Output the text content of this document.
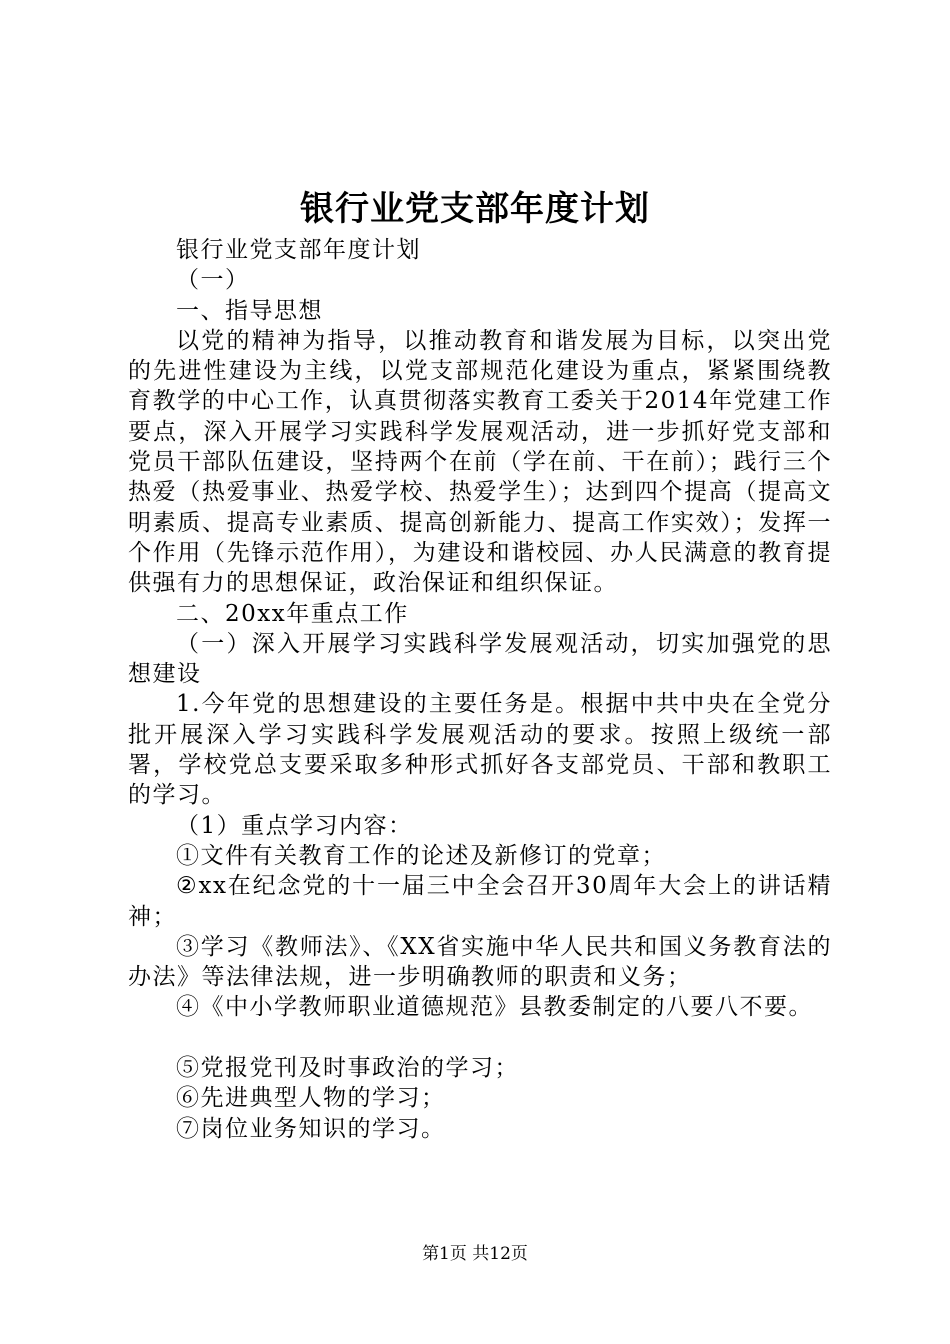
银行业党支部年度计划

银行业党支部年度计划

（一）

一、指导思想

以党的精神为指导，以推动教育和谐发展为目标，以突出党的先进性建设为主线，以党支部规范化建设为重点，紧紧围绕教育教学的中心工作，认真贯彻落实教育工委关于2014年党建工作要点，深入开展学习实践科学发展观活动，进一步抓好党支部和党员干部队伍建设，坚持两个在前（学在前、干在前）；践行三个热爱（热爱事业、热爱学校、热爱学生）；达到四个提高（提高文明素质、提高专业素质、提高创新能力、提高工作实效）；发挥一个作用（先锋示范作用），为建设和谐校园、办人民满意的教育提供强有力的思想保证，政治保证和组织保证。

二、20xx年重点工作

（一）深入开展学习实践科学发展观活动，切实加强党的思想建设

1.今年党的思想建设的主要任务是。根据中共中央在全党分批开展深入学习实践科学发展观活动的要求。按照上级统一部署，学校党总支要采取多种形式抓好各支部党员、干部和教职工的学习。

（1）重点学习内容：

①文件有关教育工作的论述及新修订的党章；

②xx在纪念党的十一届三中全会召开30周年大会上的讲话精神；

③学习《教师法》、《XX省实施中华人民共和国义务教育法的办法》等法律法规，进一步明确教师的职责和义务；

④《中小学教师职业道德规范》县教委制定的八要八不要。

⑤党报党刊及时事政治的学习；

⑥先进典型人物的学习；

⑦岗位业务知识的学习。

第1页 共12页
